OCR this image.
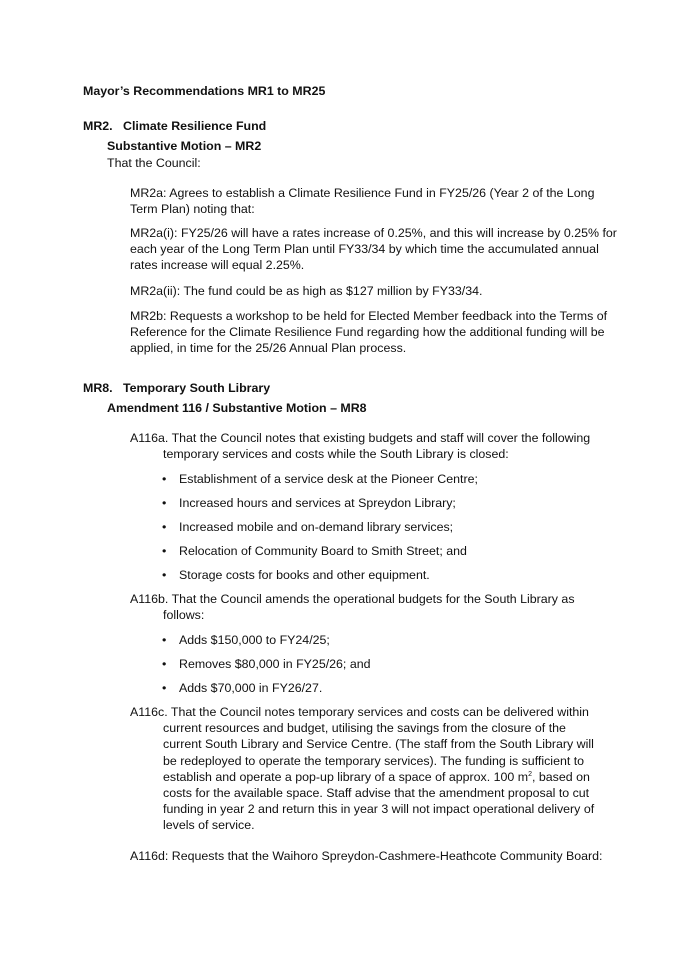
Mayor’s Recommendations MR1 to MR25
MR2. Climate Resilience Fund
Substantive Motion – MR2
That the Council:
MR2a: Agrees to establish a Climate Resilience Fund in FY25/26 (Year 2 of the Long
Term Plan) noting that:
MR2a(i): FY25/26 will have a rates increase of 0.25%, and this will increase by 0.25% for
each year of the Long Term Plan until FY33/34 by which time the accumulated annual
rates increase will equal 2.25%.
MR2a(ii): The fund could be as high as $127 million by FY33/34.
MR2b: Requests a workshop to be held for Elected Member feedback into the Terms of
Reference for the Climate Resilience Fund regarding how the additional funding will be
applied, in time for the 25/26 Annual Plan process.
MR8. Temporary South Library
Amendment 116 / Substantive Motion – MR8
A116a. That the Council notes that existing budgets and staff will cover the following
temporary services and costs while the South Library is closed:
• Establishment of a service desk at the Pioneer Centre;
• Increased hours and services at Spreydon Library;
• Increased mobile and on-demand library services;
• Relocation of Community Board to Smith Street; and
• Storage costs for books and other equipment.
A116b. That the Council amends the operational budgets for the South Library as
follows:
• Adds $150,000 to FY24/25;
• Removes $80,000 in FY25/26; and
• Adds $70,000 in FY26/27.
A116c. That the Council notes temporary services and costs can be delivered within
current resources and budget, utilising the savings from the closure of the
current South Library and Service Centre. (The staff from the South Library will
be redeployed to operate the temporary services). The funding is sufficient to
establish and operate a pop-up library of a space of approx. 100 $m^2$, based on
costs for the available space. Staff advise that the amendment proposal to cut
funding in year 2 and return this in year 3 will not impact operational delivery of
levels of service.
A116d: Requests that the Waihoro Spreydon-Cashmere-Heathcote Community Board:
